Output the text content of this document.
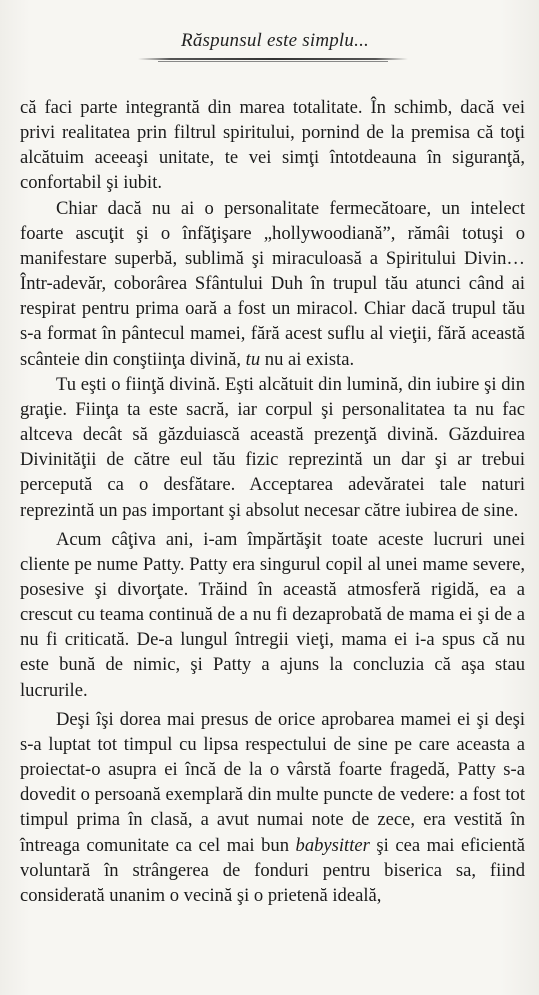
Răspunsul este simplu...

că faci parte integrantă din marea totalitate. În schimb, dacă vei privi realitatea prin filtrul spiritului, pornind de la premisa că toţi alcătuim aceeaşi unitate, te vei simţi întotdeauna în siguranţă, confortabil şi iubit.

Chiar dacă nu ai o personalitate fermecătoare, un intelect foarte ascuţit şi o înfăţişare „hollywoodiană”, rămâi totuşi o manifestare superbă, sublimă şi miraculoasă a Spiritului Divin… Într-adevăr, coborârea Sfântului Duh în trupul tău atunci când ai respirat pentru prima oară a fost un miracol. Chiar dacă trupul tău s-a format în pântecul mamei, fără acest suflu al vieţii, fără această scânteie din conştiinţa divină, tu nu ai exista.

Tu eşti o fiinţă divină. Eşti alcătuit din lumină, din iubire şi din graţie. Fiinţa ta este sacră, iar corpul şi personalitatea ta nu fac altceva decât să găzduiască această prezenţă divină. Găzduirea Divinităţii de către eul tău fizic reprezintă un dar şi ar trebui percepută ca o desfătare. Acceptarea adevăratei tale naturi reprezintă un pas important şi absolut necesar către iubirea de sine.

Acum câţiva ani, i-am împărtăşit toate aceste lucruri unei cliente pe nume Patty. Patty era singurul copil al unei mame severe, posesive şi divorţate. Trăind în această atmosferă rigidă, ea a crescut cu teama continuă de a nu fi dezaprobată de mama ei şi de a nu fi criticată. De-a lungul întregii vieţi, mama ei i-a spus că nu este bună de nimic, şi Patty a ajuns la concluzia că aşa stau lucrurile.

Deşi îşi dorea mai presus de orice aprobarea mamei ei şi deşi s-a luptat tot timpul cu lipsa respectului de sine pe care aceasta a proiectat-o asupra ei încă de la o vârstă foarte fragedă, Patty s-a dovedit o persoană exemplară din multe puncte de vedere: a fost tot timpul prima în clasă, a avut numai note de zece, era vestită în întreaga comunitate ca cel mai bun babysitter şi cea mai eficientă voluntară în strângerea de fonduri pentru biserica sa, fiind considerată unanim o vecină şi o prietenă ideală,
